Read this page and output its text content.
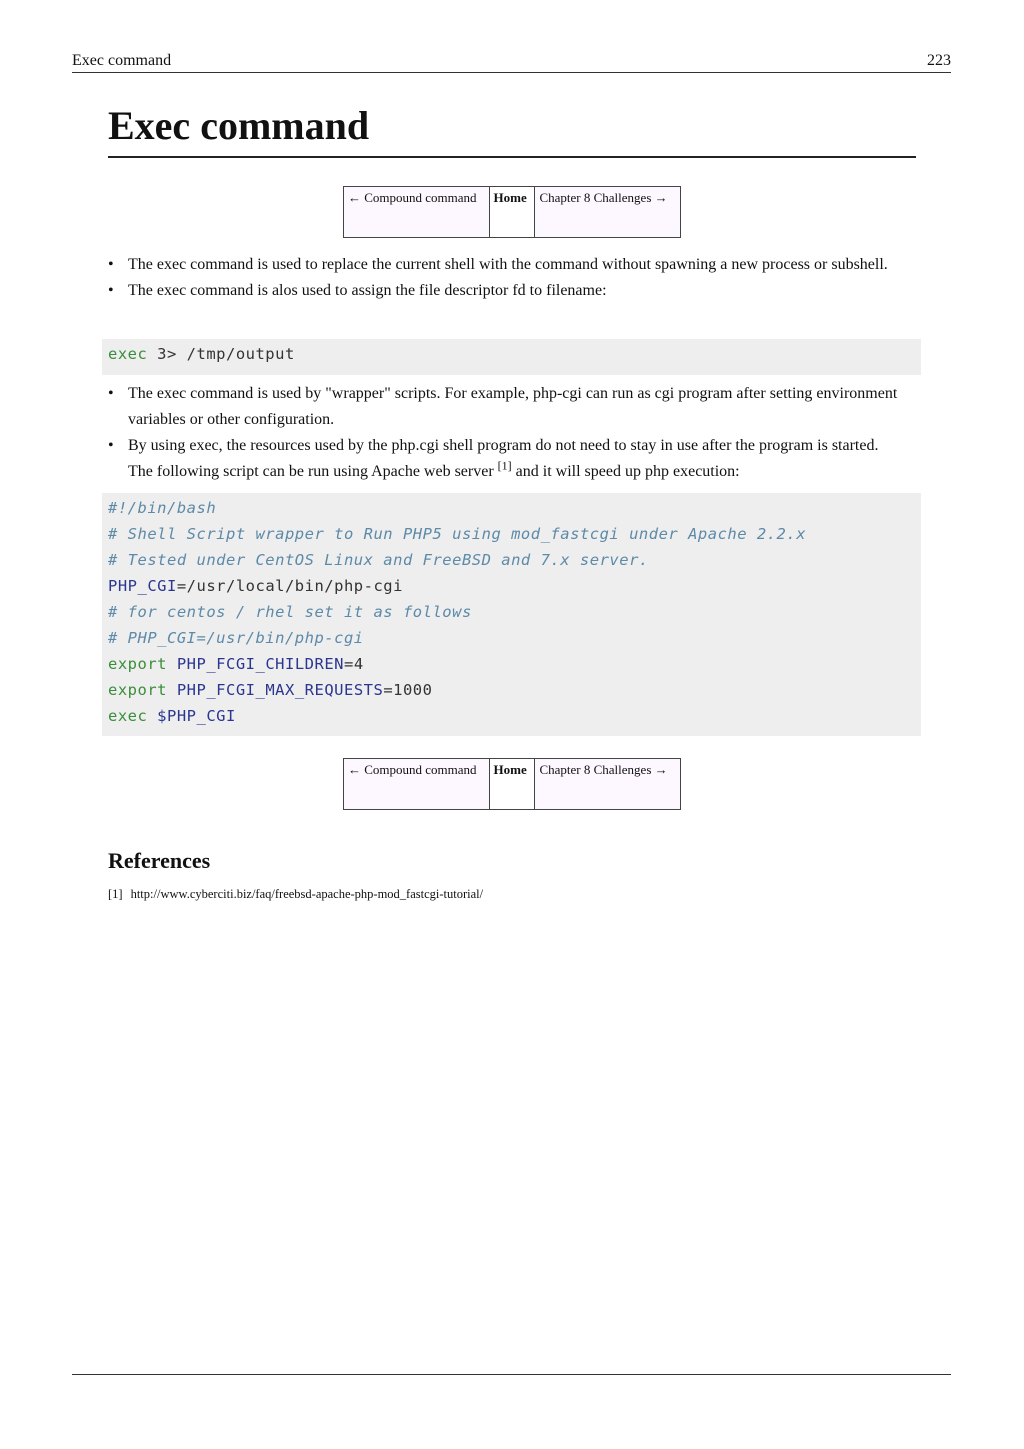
Exec command	223
Exec command
← Compound command	Home	Chapter 8 Challenges →
• The exec command is used to replace the current shell with the command without spawning a new process or subshell.
• The exec command is alos used to assign the file descriptor fd to filename:
exec 3> /tmp/output
• The exec command is used by "wrapper" scripts. For example, php-cgi can run as cgi program after setting environment variables or other configuration.
• By using exec, the resources used by the php.cgi shell program do not need to stay in use after the program is started. The following script can be run using Apache web server [1] and it will speed up php execution:
#!/bin/bash
# Shell Script wrapper to Run PHP5 using mod_fastcgi under Apache 2.2.x
# Tested under CentOS Linux and FreeBSD and 7.x server.
PHP_CGI=/usr/local/bin/php-cgi
# for centos / rhel set it as follows
# PHP_CGI=/usr/bin/php-cgi
export PHP_FCGI_CHILDREN=4
export PHP_FCGI_MAX_REQUESTS=1000
exec $PHP_CGI
← Compound command	Home	Chapter 8 Challenges →
References
[1] http://www.cyberciti.biz/faq/freebsd-apache-php-mod_fastcgi-tutorial/
